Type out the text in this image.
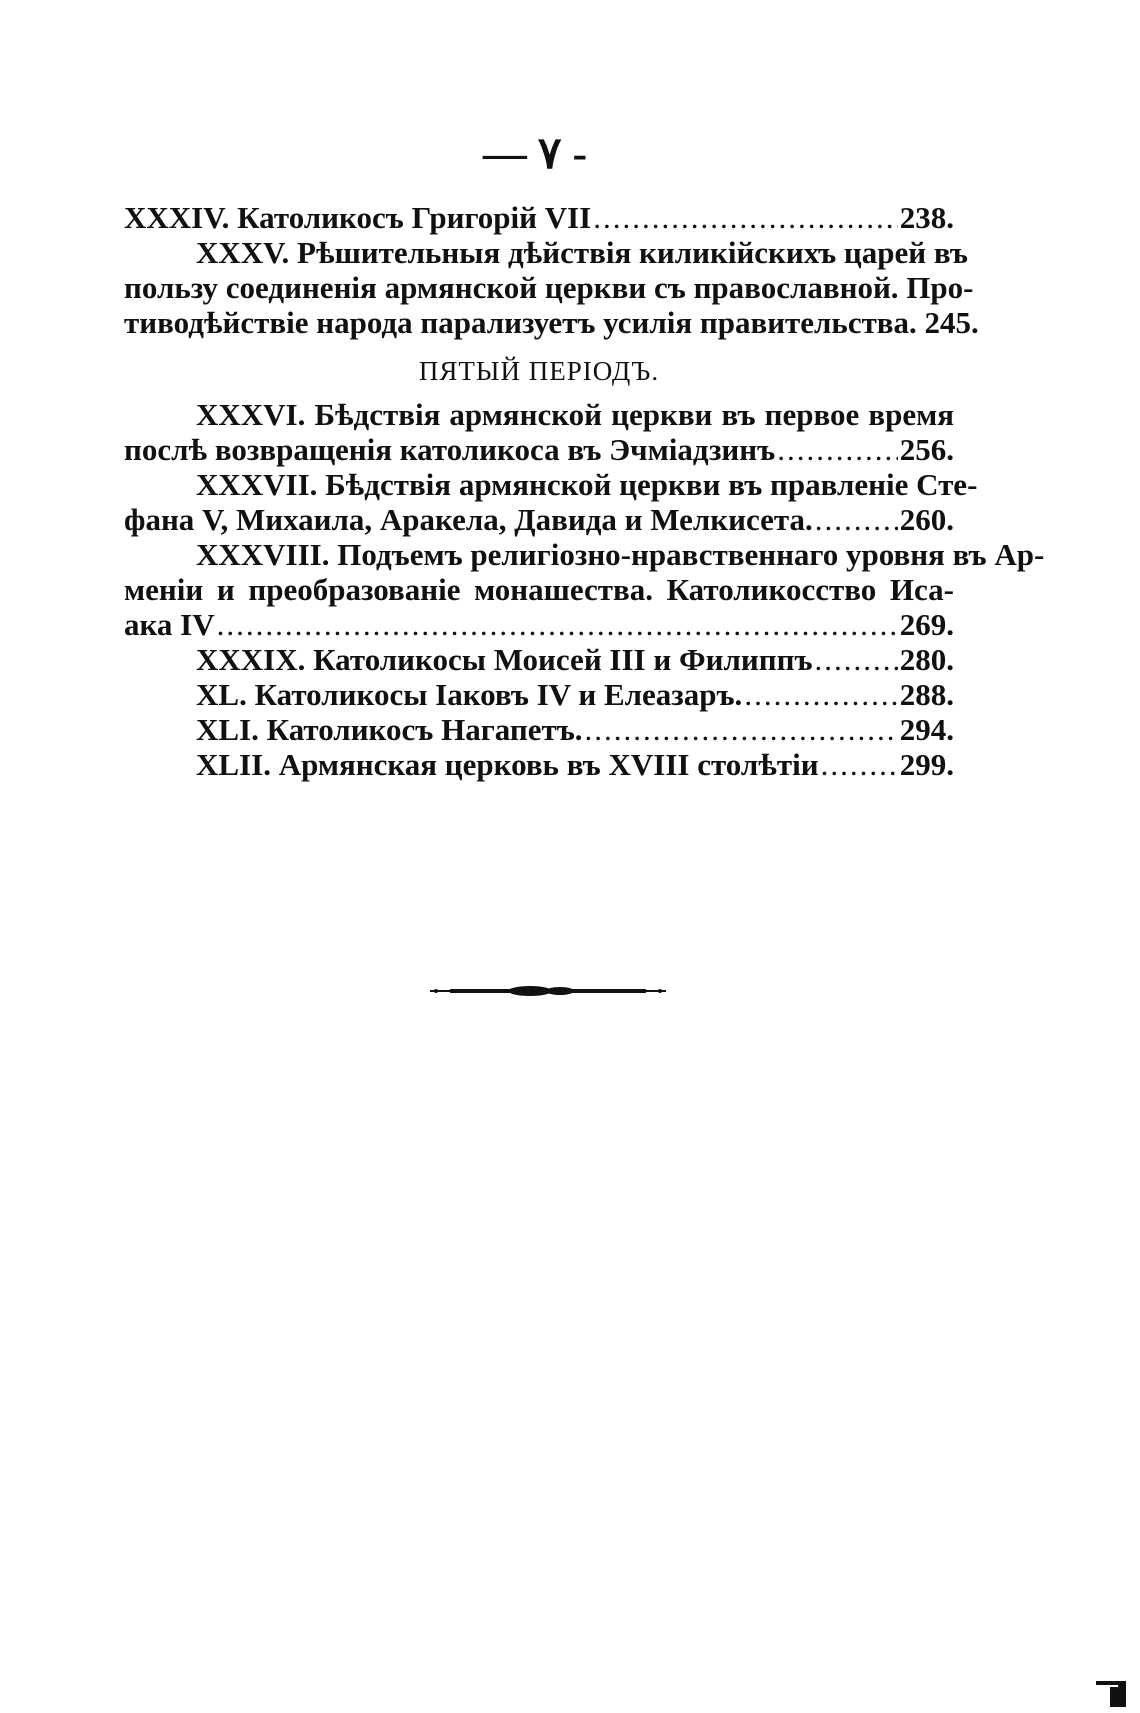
— ۷ -
XXXIV. Католикосъ Григорій VII .....	238.
XXXV. Рѣшительныя дѣйствія киликійскихъ царей въ
пользу соединенія армянской церкви съ православной. Про-
тиводѣйствіе народа парализуетъ усилія правительства. 245.
ПЯТЫЙ ПЕРІОДЪ.
XXXVI. Бѣдствія армянской церкви въ первое время
послѣ возвращенія католикоса въ Эчміадзинъ .....	256.
XXXVII. Бѣдствія армянской церкви въ правленіе Сте-
фана V, Михаила, Аракела, Давида и Мелкисета. .....	260.
XXXVIII. Подъемъ религіозно-нравственнаго уровня въ Ар-
меніи и преобразованіе монашества. Католикосство Иса-
ака IV .....	269.
XXXIX. Католикосы Моисей III и Филиппъ .....	280.
XL. Католикосы Іаковъ IV и Елеазаръ. .....	288.
XLI. Католикосъ Нагапетъ. .....	294.
XLII. Армянская церковь въ XVIII столѣтіи .....	299.
